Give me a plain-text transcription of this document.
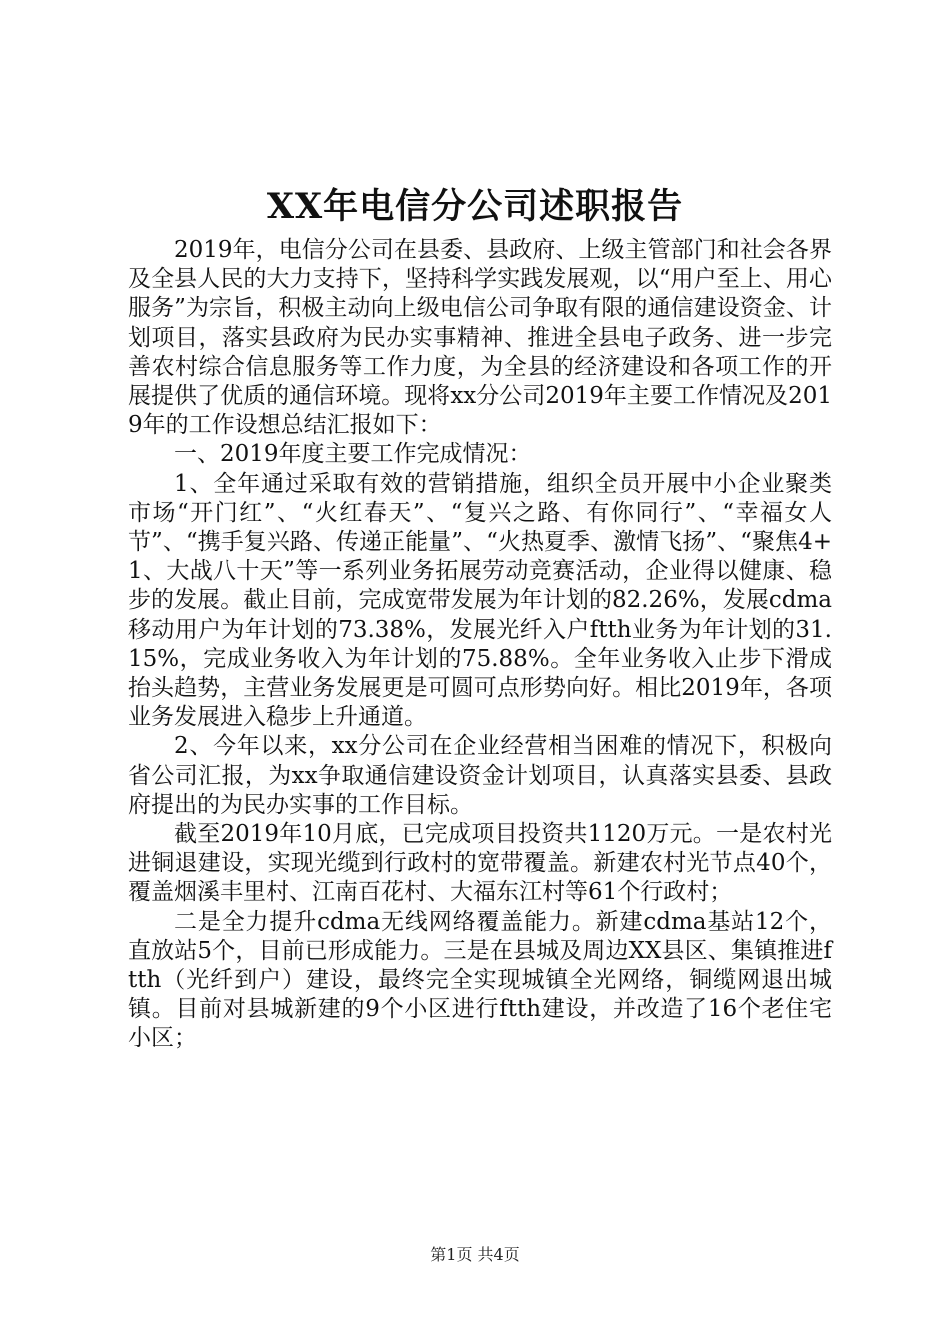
XX年电信分公司述职报告

2019年，电信分公司在县委、县政府、上级主管部门和社会各界及全县人民的大力支持下，坚持科学实践发展观，以“用户至上、用心服务”为宗旨，积极主动向上级电信公司争取有限的通信建设资金、计划项目，落实县政府为民办实事精神、推进全县电子政务、进一步完善农村综合信息服务等工作力度，为全县的经济建设和各项工作的开展提供了优质的通信环境。现将xx分公司2019年主要工作情况及2019年的工作设想总结汇报如下：

一、2019年度主要工作完成情况：

1、全年通过采取有效的营销措施，组织全员开展中小企业聚类市场“开门红”、“火红春天”、“复兴之路、有你同行”、“幸福女人节”、“携手复兴路、传递正能量”、“火热夏季、激情飞扬”、“聚焦4+1、大战八十天”等一系列业务拓展劳动竞赛活动，企业得以健康、稳步的发展。截止目前，完成宽带发展为年计划的82.26%，发展cdma移动用户为年计划的73.38%，发展光纤入户ftth业务为年计划的31.15%，完成业务收入为年计划的75.88%。全年业务收入止步下滑成抬头趋势，主营业务发展更是可圆可点形势向好。相比2019年，各项业务发展进入稳步上升通道。

2、今年以来，xx分公司在企业经营相当困难的情况下，积极向省公司汇报，为xx争取通信建设资金计划项目，认真落实县委、县政府提出的为民办实事的工作目标。

截至2019年10月底，已完成项目投资共1120万元。一是农村光进铜退建设，实现光缆到行政村的宽带覆盖。新建农村光节点40个，覆盖烟溪丰里村、江南百花村、大福东江村等61个行政村；

二是全力提升cdma无线网络覆盖能力。新建cdma基站12个，直放站5个，目前已形成能力。三是在县城及周边XX县区、集镇推进ftth（光纤到户）建设，最终完全实现城镇全光网络，铜缆网退出城镇。目前对县城新建的9个小区进行ftth建设，并改造了16个老住宅小区；

第1页 共4页
